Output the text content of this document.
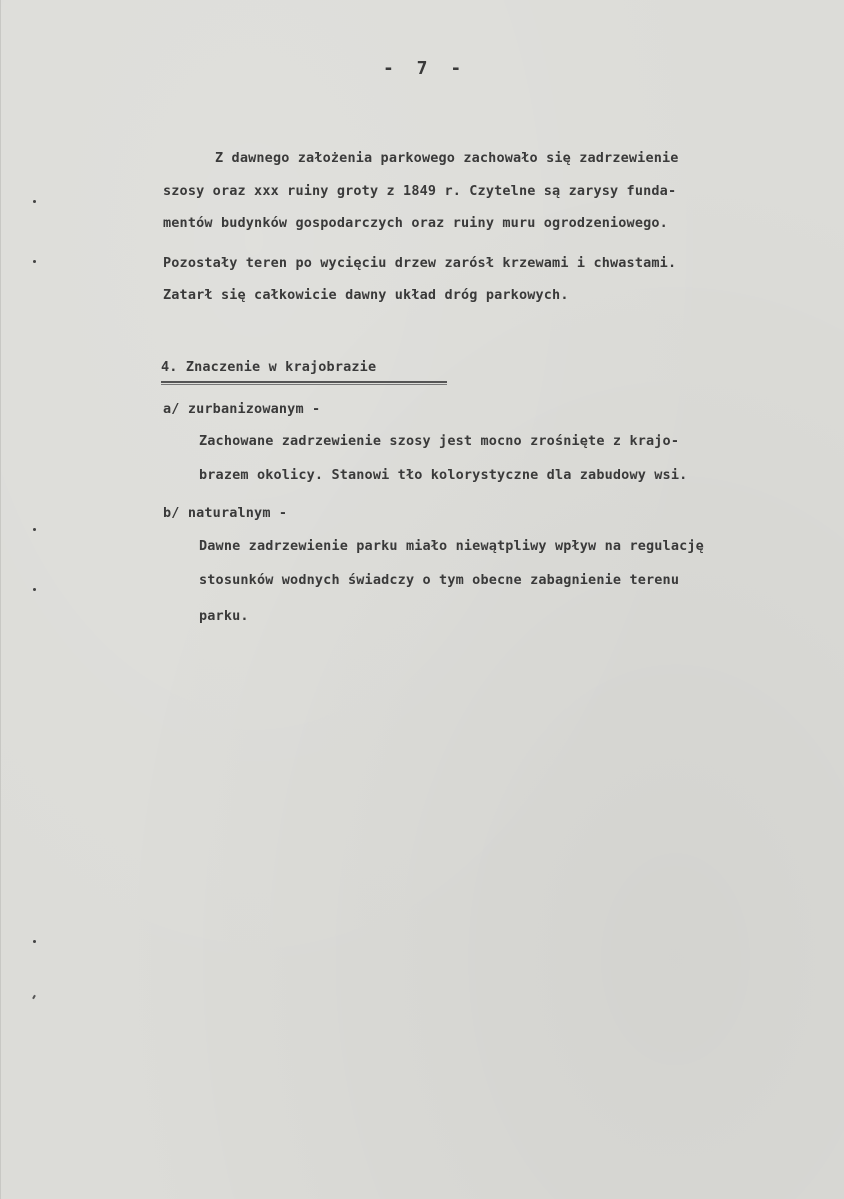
- 7 -
Z dawnego założenia parkowego zachowało się zadrzewienie
szosy oraz xxx ruiny groty z 1849 r. Czytelne są zarysy funda-
mentów budynków gospodarczych oraz ruiny muru ogrodzeniowego.
Pozostały teren po wycięciu drzew zarósł krzewami i chwastami.
Zatarł się całkowicie dawny układ dróg parkowych.
4. Znaczenie w krajobrazie
a/ zurbanizowanym -
Zachowane zadrzewienie szosy jest mocno zrośnięte z krajo-
brazem okolicy. Stanowi tło kolorystyczne dla zabudowy wsi.
b/ naturalnym -
Dawne zadrzewienie parku miało niewątpliwy wpływ na regulację
stosunków wodnych świadczy o tym obecne zabagnienie terenu
parku.
